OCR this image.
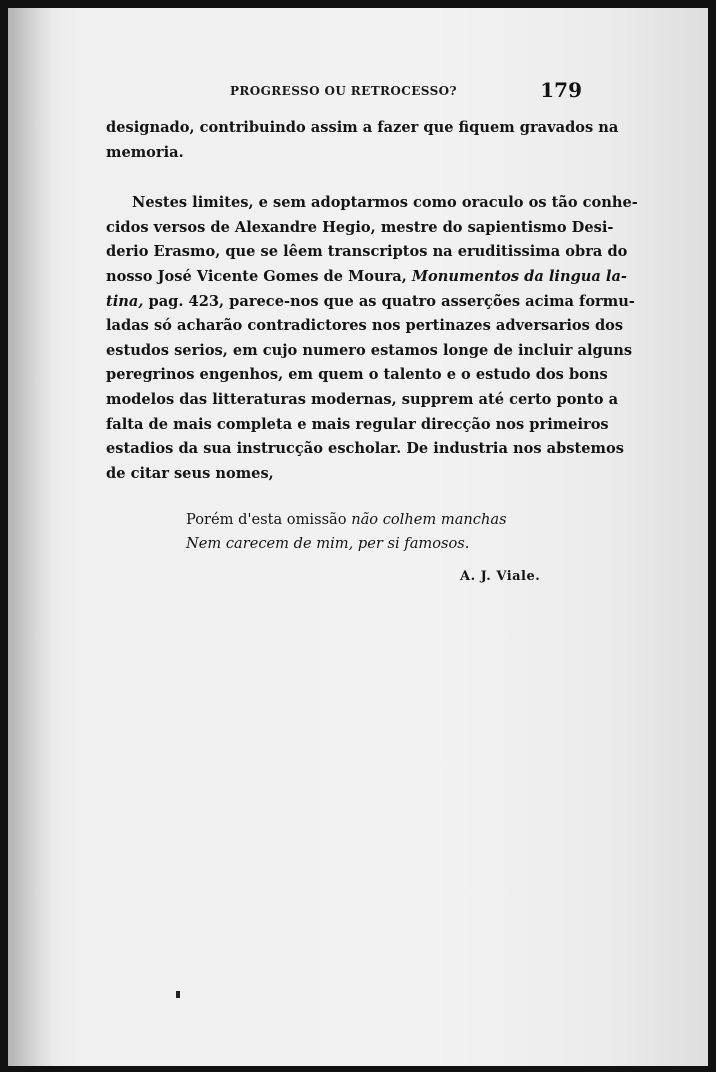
PROGRESSO OU RETROCESSO?	179
designado, contribuindo assim a fazer que fiquem gravados na
memoria.
Nestes limites, e sem adoptarmos como oraculo os tão conhe-
cidos versos de Alexandre Hegio, mestre do sapientismo Desi-
derio Erasmo, que se lêem transcriptos na eruditissima obra do
nosso José Vicente Gomes de Moura, Monumentos da lingua la-
tina, pag. 423, parece-nos que as quatro asserções acima formu-
ladas só acharão contradictores nos pertinazes adversarios dos
estudos serios, em cujo numero estamos longe de incluir alguns
peregrinos engenhos, em quem o talento e o estudo dos bons
modelos das litteraturas modernas, supprem até certo ponto a
falta de mais completa e mais regular direcção nos primeiros
estadios da sua instrucção escholar. De industria nos abstemos
de citar seus nomes,
Porém d'esta omissão não colhem manchas
Nem carecem de mim, per si famosos.
A. J. Viale.
